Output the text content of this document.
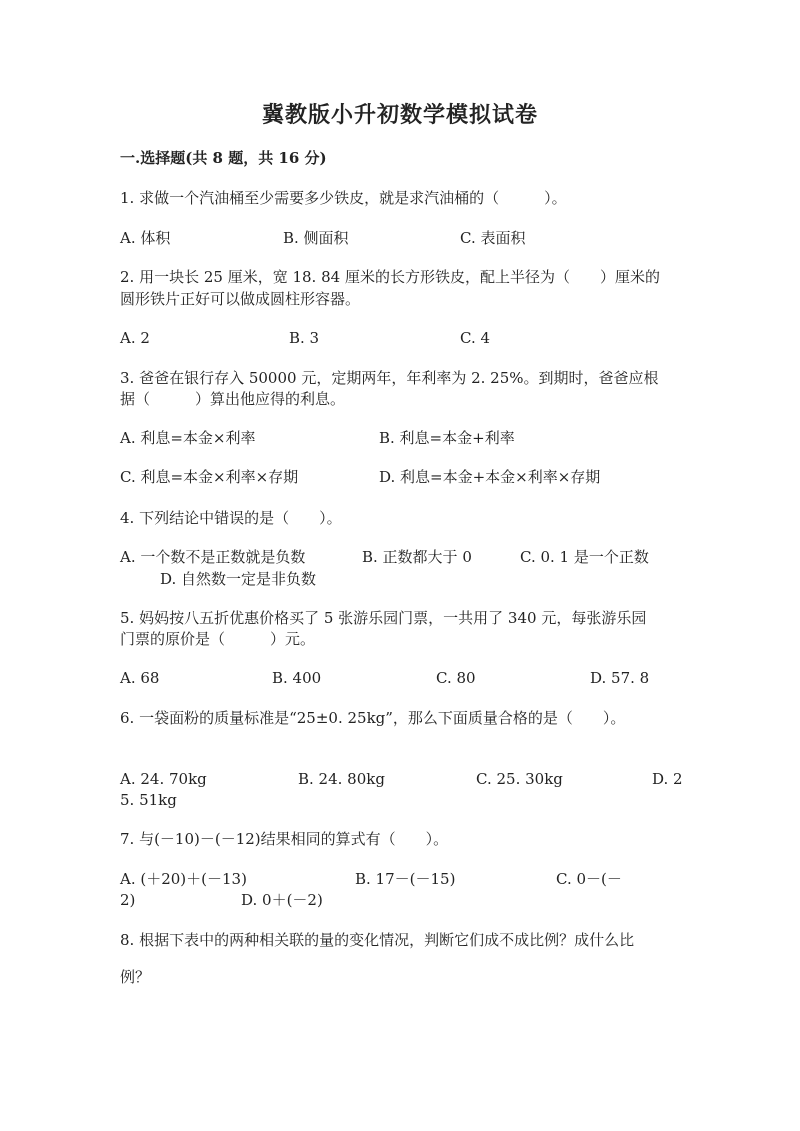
冀教版小升初数学模拟试卷
一.选择题(共 8 题，共 16 分)
1. 求做一个汽油桶至少需要多少铁皮，就是求汽油桶的（　　　）。
A. 体积	B. 侧面积	C. 表面积
2. 用一块长 25 厘米，宽 18. 84 厘米的长方形铁皮，配上半径为（　　）厘米的
圆形铁片正好可以做成圆柱形容器。
A. 2	B. 3	C. 4
3. 爸爸在银行存入 50000 元，定期两年，年利率为 2. 25%。到期时，爸爸应根
据（　　　）算出他应得的利息。
A. 利息=本金×利率	B. 利息=本金+利率
C. 利息=本金×利率×存期	D. 利息=本金+本金×利率×存期
4. 下列结论中错误的是（　　）。
A. 一个数不是正数就是负数	B. 正数都大于 0	C. 0. 1 是一个正数
D. 自然数一定是非负数
5. 妈妈按八五折优惠价格买了 5 张游乐园门票，一共用了 340 元，每张游乐园
门票的原价是（　　　）元。
A. 68	B. 400	C. 80	D. 57. 8
6. 一袋面粉的质量标准是“25±0. 25kg”，那么下面质量合格的是（　　）。
A. 24. 70kg	B. 24. 80kg	C. 25. 30kg	D. 2
5. 51kg
7. 与(－10)－(－12)结果相同的算式有（　　）。
A. (＋20)＋(－13)	B. 17－(－15)	C. 0－(－
2)	D. 0＋(－2)
8. 根据下表中的两种相关联的量的变化情况，判断它们成不成比例？成什么比
例？
